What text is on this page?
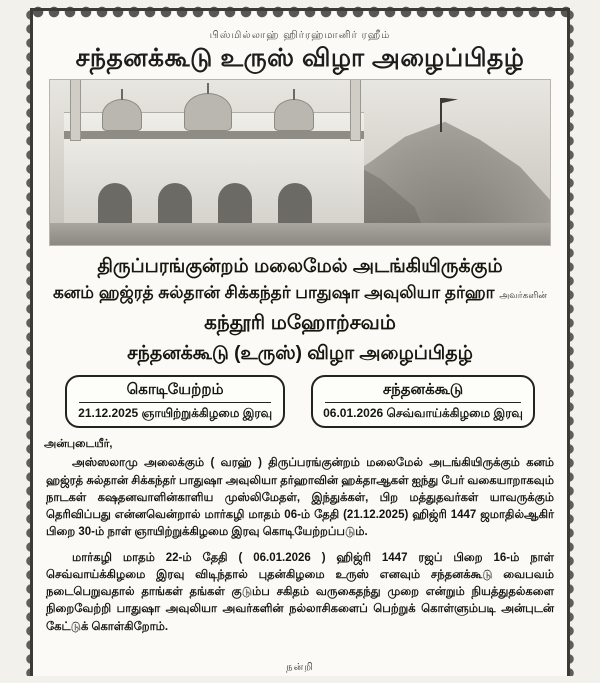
பிஸ்மில்லாஹ் ஹிர்ரஹ்மானிர் ரஹீம்
சந்தனக்கூடு உருஸ் விழா அழைப்பிதழ்
திருப்பரங்குன்றம் மலைமேல் அடங்கியிருக்கும்
கனம் ஹஜ்ரத் சுல்தான் சிக்கந்தர் பாதுஷா அவுலியா தர்ஹா அவர்களின்
கந்தூரி மஹோற்சவம்
சந்தனக்கூடு (உருஸ்) விழா அழைப்பிதழ்
கொடியேற்றம்
21.12.2025 ஞாயிற்றுக்கிழமை இரவு
சந்தனக்கூடு
06.01.2026 செவ்வாய்க்கிழமை இரவு
அன்புடையீர்,
அஸ்ஸலாமு அலைக்கும் ( வரஹ் ) திருப்பரங்குன்றம் மலைமேல் அடங்கியிருக்கும் கனம் ஹஜ்ரத் சுல்தான் சிக்கந்தர் பாதுஷா அவுலியா தர்ஹாவின் ஹக்தாஆகள் ஐந்து பேர் வகையாறாகவும் நாடகள் கஷதனவாளின்காளிய முஸ்லிமேதள், இந்துக்கள், பிற மத்துதவர்கள் யாவருக்கும் தெரிவிப்பது என்னவென்றால் மார்கழி மாதம் 06-ம் தேதி (21.12.2025) ஹிஜ்ரி 1447 ஜமாதில்ஆகிர் பிறை 30-ம் நாள் ஞாயிற்றுக்கிழமை இரவு கொடியேற்றப்படும்.
மார்கழி மாதம் 22-ம் தேதி ( 06.01.2026 ) ஹிஜ்ரி 1447 ரஜப் பிறை 16-ம் நாள் செவ்வாய்க்கிழமை இரவு விடிந்தால் புதன்கிழமை உருஸ் எனவும் சந்தனக்கூடு வைபவம் நடைபெறுவதால் தாங்கள் தங்கள் குடும்ப சகிதம் வருகைதந்து முறை என்றும் நியத்துதல்களை நிறைவேற்றி பாதுஷா அவுலியா அவர்களின் நல்லாசிகளைப் பெற்றுக் கொள்ளும்படி அன்புடன் கேட்டுக் கொள்கிறோம்.
நன்றி
